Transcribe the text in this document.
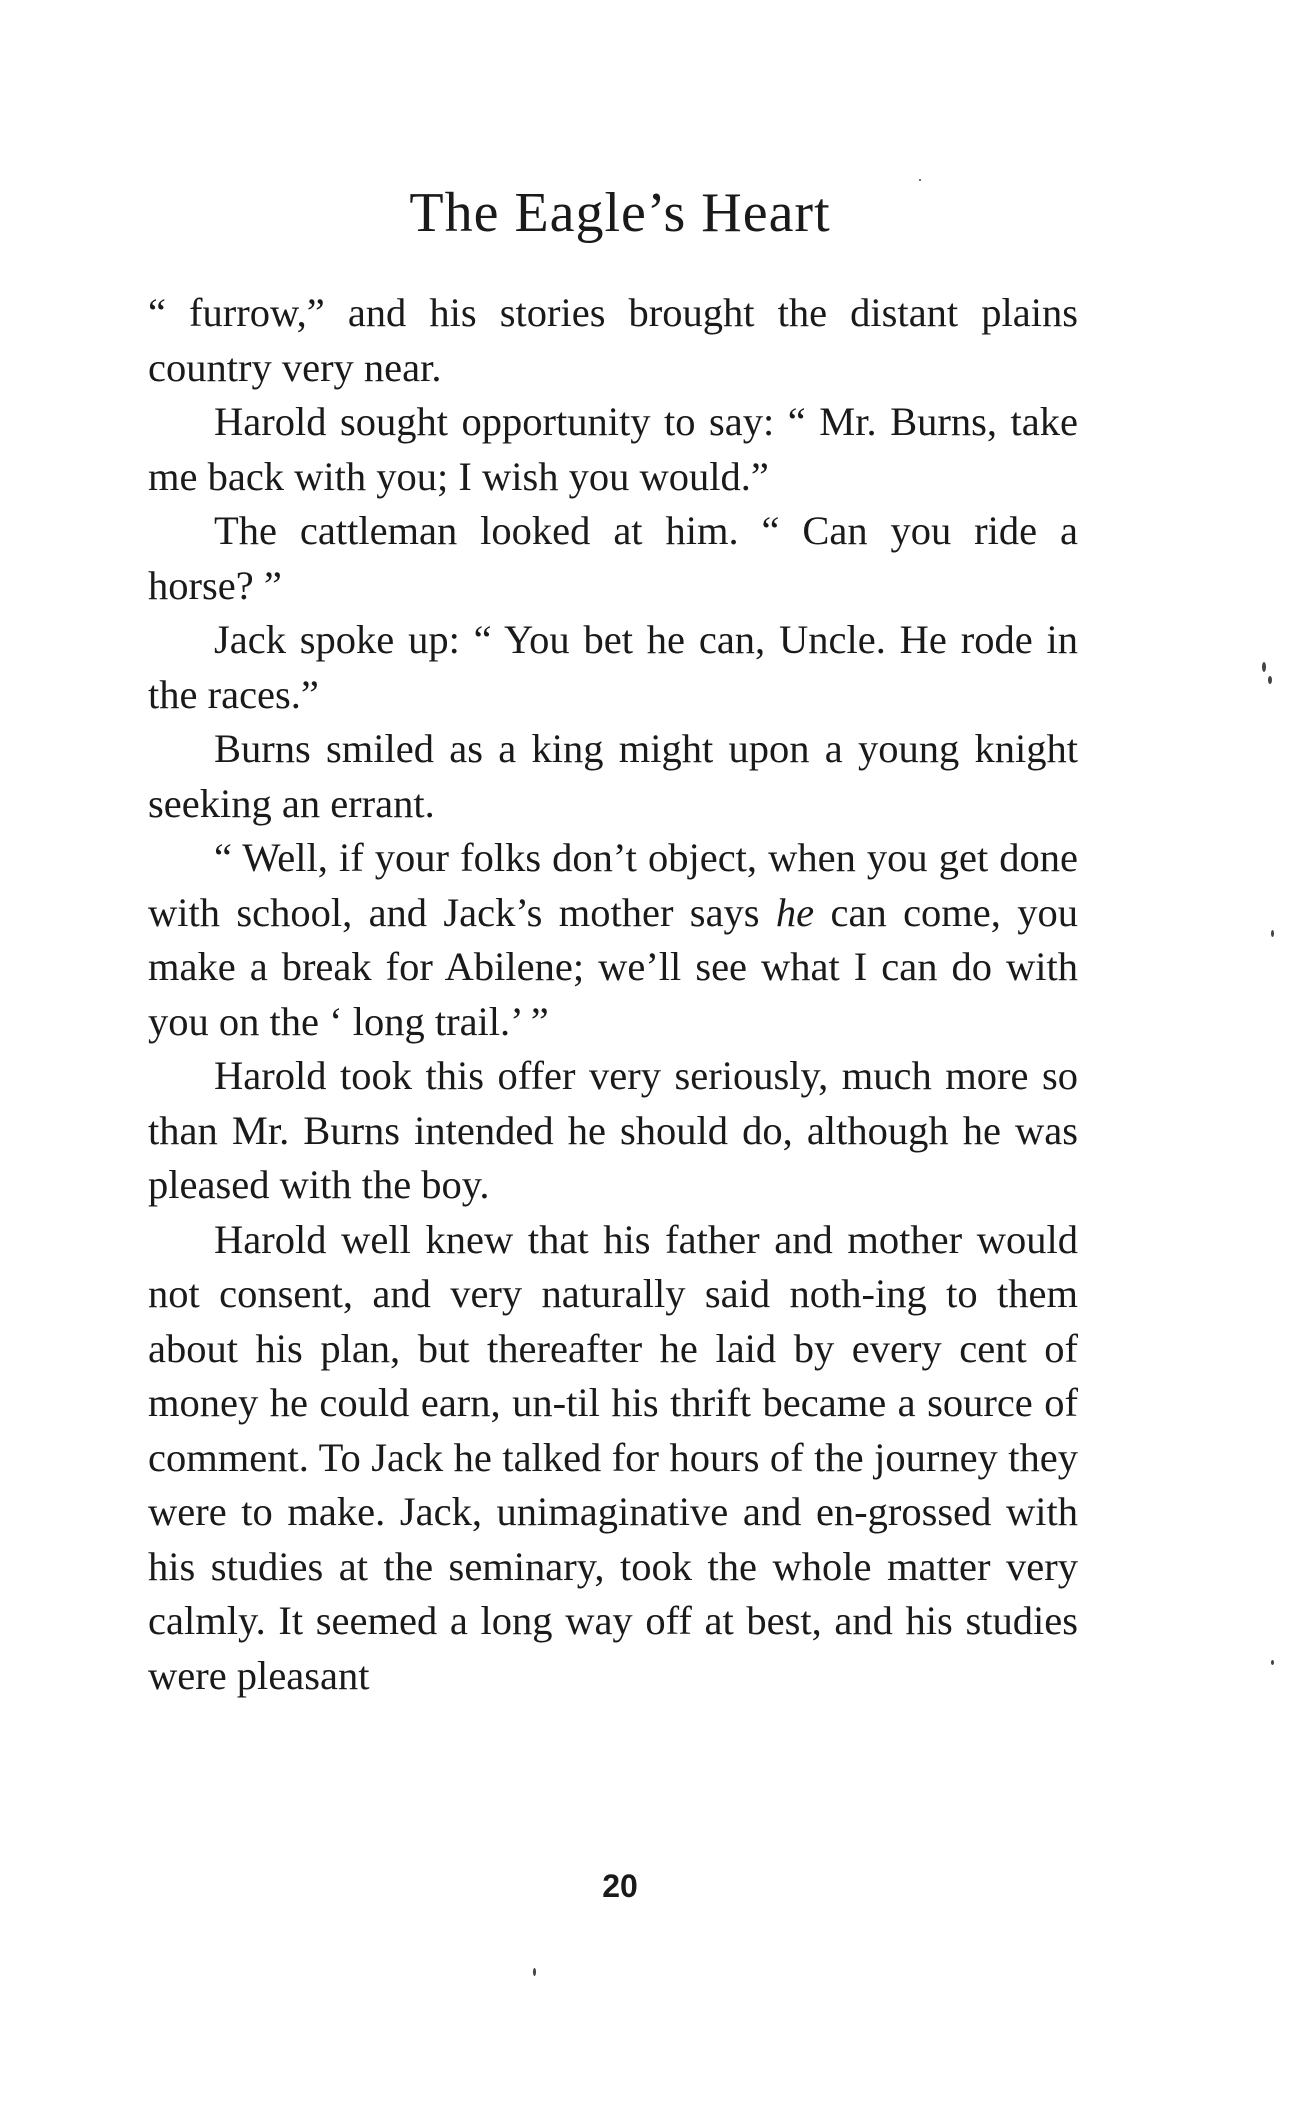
The Eagle’s Heart

“ furrow,” and his stories brought the distant plains country very near.

Harold sought opportunity to say: “ Mr. Burns, take me back with you; I wish you would.”

The cattleman looked at him. “ Can you ride a horse? ”

Jack spoke up: “ You bet he can, Uncle. He rode in the races.”

Burns smiled as a king might upon a young knight seeking an errant.

“ Well, if your folks don’t object, when you get done with school, and Jack’s mother says he can come, you make a break for Abilene; we’ll see what I can do with you on the ‘ long trail.’ ”

Harold took this offer very seriously, much more so than Mr. Burns intended he should do, although he was pleased with the boy.

Harold well knew that his father and mother would not consent, and very naturally said noth-ing to them about his plan, but thereafter he laid by every cent of money he could earn, un-til his thrift became a source of comment. To Jack he talked for hours of the journey they were to make. Jack, unimaginative and en-grossed with his studies at the seminary, took the whole matter very calmly. It seemed a long way off at best, and his studies were pleasant

20
